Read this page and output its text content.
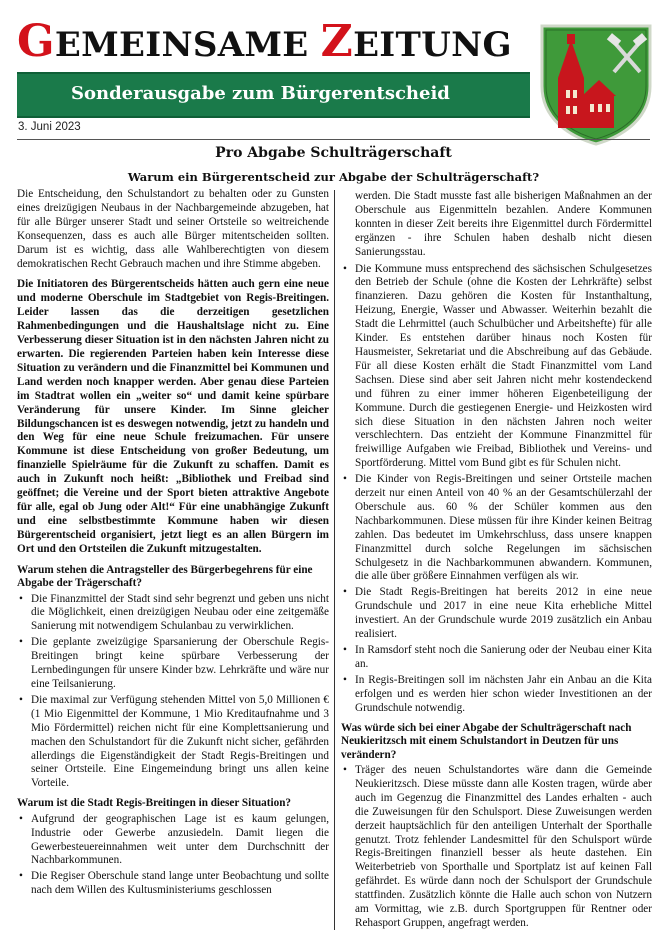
GEMEINSAME ZEITUNG
Sonderausgabe zum Bürgerentscheid
3. Juni 2023
Pro Abgabe Schulträgerschaft
Warum ein Bürgerentscheid zur Abgabe der Schulträgerschaft?

Die Entscheidung, den Schulstandort zu behalten oder zu Gunsten eines dreizügigen Neubaus in der Nachbargemeinde abzugeben, hat für alle Bürger unserer Stadt und seiner Ortsteile so weitreichende Konsequenzen, dass es auch alle Bürger mitentscheiden sollten. Darum ist es wichtig, dass alle Wahlberechtigten von diesem demokratischen Recht Gebrauch machen und ihre Stimme abgeben.

Die Initiatoren des Bürgerentscheids hätten auch gern eine neue und moderne Oberschule im Stadtgebiet von Regis-Breitingen. Leider lassen das die derzeitigen gesetzlichen Rahmenbedingungen und die Haushaltslage nicht zu. Eine Verbesserung dieser Situation ist in den nächsten Jahren nicht zu erwarten. Die regierenden Parteien haben kein Interesse diese Situation zu verändern und die Finanzmittel bei Kommunen und Land werden noch knapper werden. Aber genau diese Parteien im Stadtrat wollen ein „weiter so“ und damit keine spürbare Veränderung für unsere Kinder. Im Sinne gleicher Bildungschancen ist es deswegen notwendig, jetzt zu handeln und den Weg für eine neue Schule freizumachen. Für unsere Kommune ist diese Entscheidung von großer Bedeutung, um finanzielle Spielräume für die Zukunft zu schaffen. Damit es auch in Zukunft noch heißt: „Bibliothek und Freibad sind geöffnet; die Vereine und der Sport bieten attraktive Angebote für alle, egal ob Jung oder Alt!“ Für eine unabhängige Zukunft und eine selbstbestimmte Kommune haben wir diesen Bürgerentscheid organisiert, jetzt liegt es an allen Bürgern im Ort und den Ortsteilen die Zukunft mitzugestalten.

Warum stehen die Antragsteller des Bürgerbegehrens für eine Abgabe der Trägerschaft?
• Die Finanzmittel der Stadt sind sehr begrenzt und geben uns nicht die Möglichkeit, einen dreizügigen Neubau oder eine zeitgemäße Sanierung mit notwendigem Schulanbau zu verwirklichen.
• Die geplante zweizügige Sparsanierung der Oberschule Regis-Breitingen bringt keine spürbare Verbesserung der Lernbedingungen für unsere Kinder bzw. Lehrkräfte und wäre nur eine Teilsanierung.
• Die maximal zur Verfügung stehenden Mittel von 5,0 Millionen € (1 Mio Eigenmittel der Kommune, 1 Mio Kreditaufnahme und 3 Mio Fördermittel) reichen nicht für eine Komplettsanierung und machen den Schulstandort für die Zukunft nicht sicher, gefährden allerdings die Eigenständigkeit der Stadt Regis-Breitingen und seiner Ortsteile. Eine Eingemeindung bringt uns allen keine Vorteile.
Warum ist die Stadt Regis-Breitingen in dieser Situation?
• Aufgrund der geographischen Lage ist es kaum gelungen, Industrie oder Gewerbe anzusiedeln. Damit liegen die Gewerbesteuereinnahmen weit unter dem Durchschnitt der Nachbarkommunen.
• Die Regiser Oberschule stand lange unter Beobachtung und sollte nach dem Willen des Kultusministeriums geschlossen
werden. Die Stadt musste fast alle bisherigen Maßnahmen an der Oberschule aus Eigenmitteln bezahlen. Andere Kommunen konnten in dieser Zeit bereits ihre Eigenmittel durch Fördermittel ergänzen - ihre Schulen haben deshalb nicht diesen Sanierungsstau.
• Die Kommune muss entsprechend des sächsischen Schulgesetzes den Betrieb der Schule (ohne die Kosten der Lehrkräfte) selbst finanzieren. Dazu gehören die Kosten für Instanthaltung, Heizung, Energie, Wasser und Abwasser. Weiterhin bezahlt die Stadt die Lehrmittel (auch Schulbücher und Arbeitshefte) für alle Kinder. Es entstehen darüber hinaus noch Kosten für Hausmeister, Sekretariat und die Abschreibung auf das Gebäude. Für all diese Kosten erhält die Stadt Finanzmittel vom Land Sachsen. Diese sind aber seit Jahren nicht mehr kostendeckend und führen zu einer immer höheren Eigenbeteiligung der Kommune. Durch die gestiegenen Energie- und Heizkosten wird sich diese Situation in den nächsten Jahren noch weiter verschlechtern. Das entzieht der Kommune Finanzmittel für freiwillige Aufgaben wie Freibad, Bibliothek und Vereins- und Sportförderung. Mittel vom Bund gibt es für Schulen nicht.
• Die Kinder von Regis-Breitingen und seiner Ortsteile machen derzeit nur einen Anteil von 40 % an der Gesamtschülerzahl der Oberschule aus. 60 % der Schüler kommen aus den Nachbarkommunen. Diese müssen für ihre Kinder keinen Beitrag zahlen. Das bedeutet im Umkehrschluss, dass unsere knappen Finanzmittel durch solche Regelungen im sächsischen Schulgesetz in die Nachbarkommunen abwandern. Kommunen, die alle über größere Einnahmen verfügen als wir.
• Die Stadt Regis-Breitingen hat bereits 2012 in eine neue Grundschule und 2017 in eine neue Kita erhebliche Mittel investiert. An der Grundschule wurde 2019 zusätzlich ein Anbau realisiert.
• In Ramsdorf steht noch die Sanierung oder der Neubau einer Kita an.
• In Regis-Breitingen soll im nächsten Jahr ein Anbau an die Kita erfolgen und es werden hier schon wieder Investitionen an der Grundschule notwendig.
Was würde sich bei einer Abgabe der Schulträgerschaft nach Neukieritzsch mit einem Schulstandort in Deutzen für uns verändern?
• Träger des neuen Schulstandortes wäre dann die Gemeinde Neukieritzsch. Diese müsste dann alle Kosten tragen, würde aber auch im Gegenzug die Finanzmittel des Landes erhalten - auch die Zuweisungen für den Schulsport. Diese Zuweisungen werden derzeit hauptsächlich für den anteiligen Unterhalt der Sporthalle genutzt. Trotz fehlender Landesmittel für den Schulsport würde Regis-Breitingen finanziell besser als heute dastehen. Ein Weiterbetrieb von Sporthalle und Sportplatz ist auf keinen Fall gefährdet. Es würde dann noch der Schulsport der Grundschule stattfinden. Zusätzlich könnte die Halle auch schon von Nutzern am Vormittag, wie z.B. durch Sportgruppen für Rentner oder Rehasport Gruppen, angefragt werden.
